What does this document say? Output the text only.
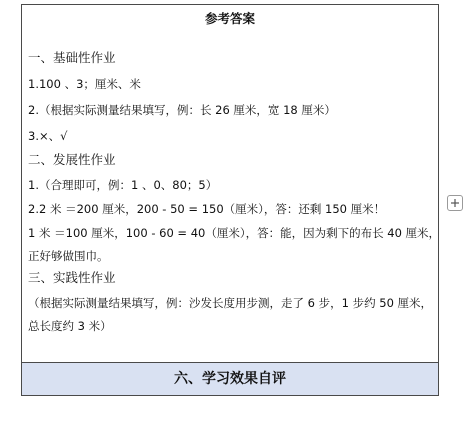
参考答案

一、基础性作业

1.100 、3；厘米、米

2.（根据实际测量结果填写，例：长 26 厘米，宽 18 厘米）

3.×、√

二、发展性作业

1.（合理即可，例：1 、0、80；5）

2.2 米 ＝200 厘米，200 - 50 = 150（厘米），答：还剩 150 厘米！

1 米 ＝100 厘米，100 - 60 = 40（厘米），答：能，因为剩下的布长 40 厘米，

正好够做围巾。

三、实践性作业

（根据实际测量结果填写，例：沙发长度用步测，走了 6 步，1 步约 50 厘米，

总长度约 3 米）

六、学习效果自评
